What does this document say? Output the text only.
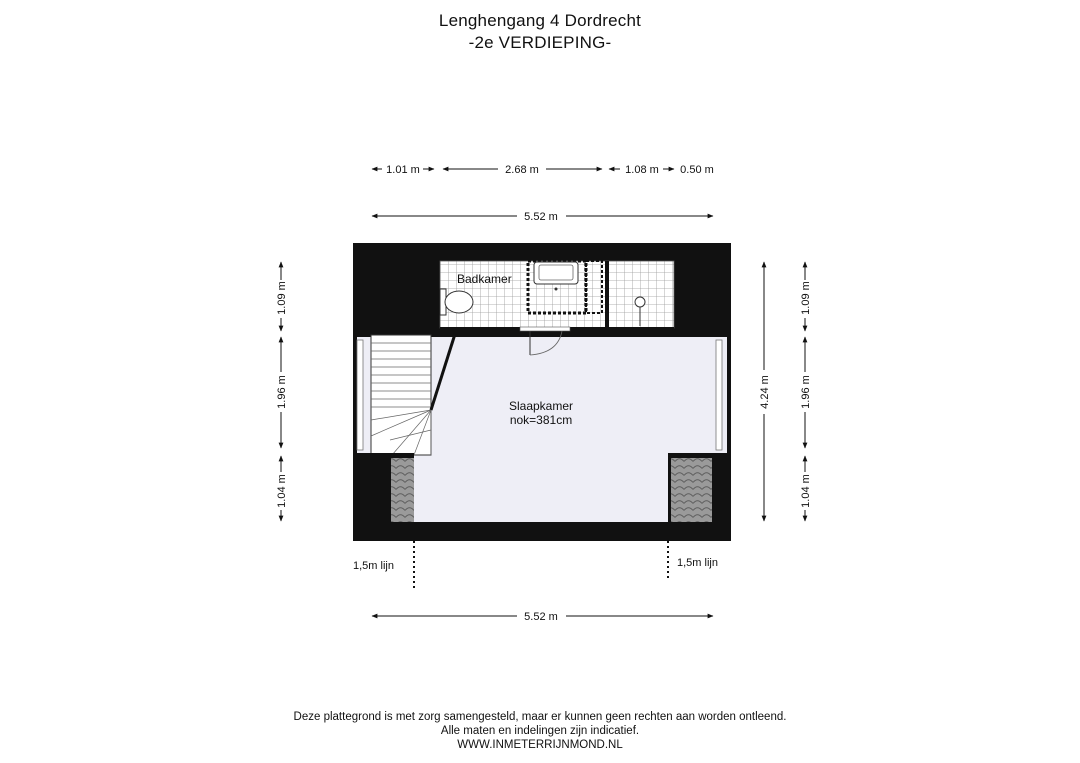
Lenghengang 4 Dordrecht
-2e VERDIEPING-
1.01 m	2.68 m	1.08 m 0.50 m
5.52 m
1.09 m
1.96 m
1.04 m
4.24 m
1.09 m
1.96 m
1.04 m
Badkamer
Slaapkamer
nok=381cm
1,5m lijn	1,5m lijn
5.52 m
Deze plattegrond is met zorg samengesteld, maar er kunnen geen rechten aan worden ontleend.
Alle maten en indelingen zijn indicatief.
WWW.INMETERRIJNMOND.NL
